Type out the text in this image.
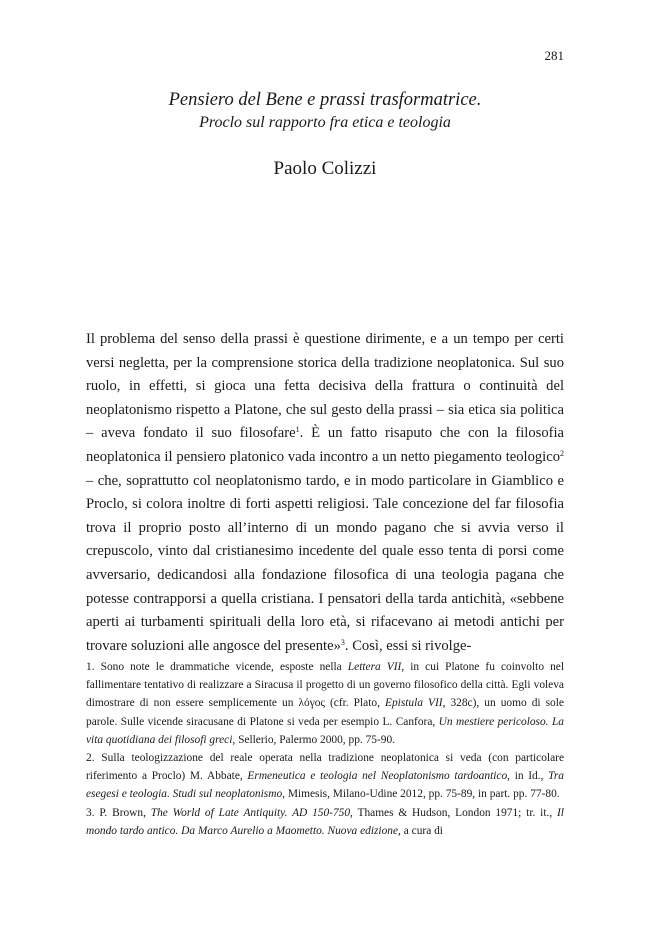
281
Pensiero del Bene e prassi trasformatrice.
Proclo sul rapporto fra etica e teologia
Paolo Colizzi

Il problema del senso della prassi è questione dirimente, e a un tempo per certi versi negletta, per la comprensione storica della tradizione neoplatonica. Sul suo ruolo, in effetti, si gioca una fetta decisiva della frattura o continuità del neoplatonismo rispetto a Platone, che sul gesto della prassi – sia etica sia politica – aveva fondato il suo filosofare$^1$. È un fatto risaputo che con la filosofia neoplatonica il pensiero platonico vada incontro a un netto piegamento teologico$^2$ – che, soprattutto col neoplatonismo tardo, e in modo particolare in Giamblico e Proclo, si colora inoltre di forti aspetti religiosi. Tale concezione del far filosofia trova il proprio posto all’interno di un mondo pagano che si avvia verso il crepuscolo, vinto dal cristianesimo incedente del quale esso tenta di porsi come avversario, dedicandosi alla fondazione filosofica di una teologia pagana che potesse contrapporsi a quella cristiana. I pensatori della tarda antichità, «sebbene aperti ai turbamenti spirituali della loro età, si rifacevano ai metodi antichi per trovare soluzioni alle angosce del presente»$^3$. Così, essi si rivolge-

1. Sono note le drammatiche vicende, esposte nella Lettera VII, in cui Platone fu coinvolto nel fallimentare tentativo di realizzare a Siracusa il progetto di un governo filosofico della città. Egli voleva dimostrare di non essere semplicemente un λόγος (cfr. Plato, Epistula VII, 328c), un uomo di sole parole. Sulle vicende siracusane di Platone si veda per esempio L. Canfora, Un mestiere pericoloso. La vita quotidiana dei filosofi greci, Sellerio, Palermo 2000, pp. 75-90.

2. Sulla teologizzazione del reale operata nella tradizione neoplatonica si veda (con particolare riferimento a Proclo) M. Abbate, Ermeneutica e teologia nel Neoplatonismo tardoantico, in Id., Tra esegesi e teologia. Studi sul neoplatonismo, Mimesis, Milano-Udine 2012, pp. 75-89, in part. pp. 77-80.

3. P. Brown, The World of Late Antiquity. AD 150-750, Thames & Hudson, London 1971; tr. it., Il mondo tardo antico. Da Marco Aurelio a Maometto. Nuova edizione, a cura di
